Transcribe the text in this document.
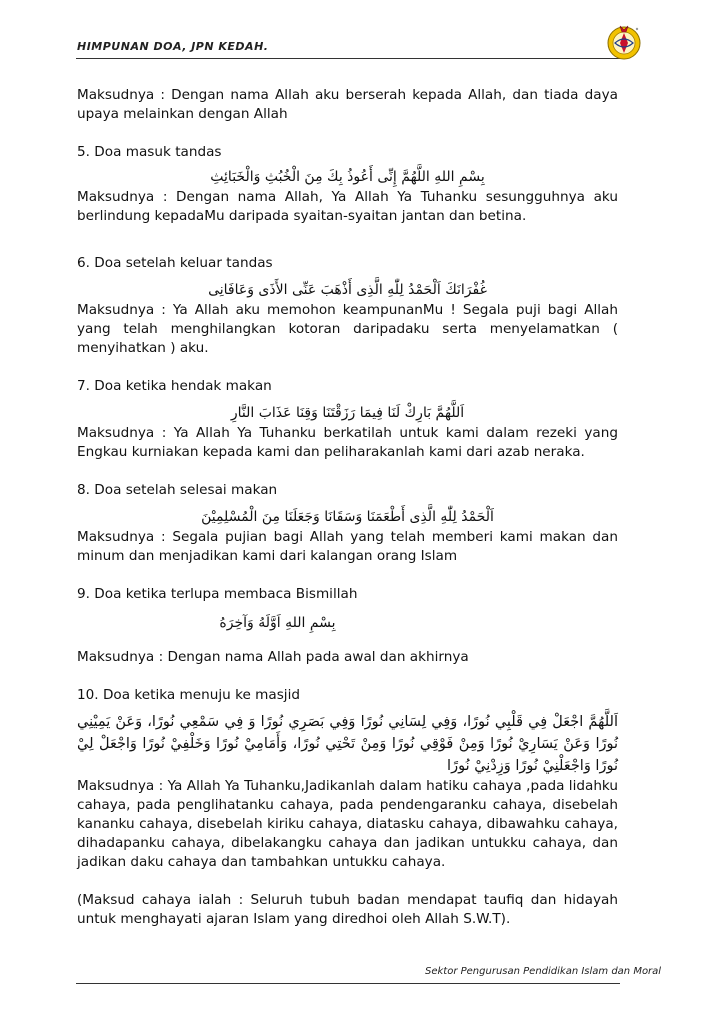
HIMPUNAN DOA, JPN KEDAH.

Maksudnya : Dengan nama Allah aku berserah kepada Allah, dan tiada daya upaya melainkan dengan Allah

5. Doa masuk tandas

بِسْمِ اللهِ اللَّهُمَّ إِنِّى أَعُوذُ بِكَ مِنَ الْخُبُثِ وَالْخَبَائِثِ

Maksudnya : Dengan nama Allah, Ya Allah Ya Tuhanku sesungguhnya aku berlindung kepadaMu daripada syaitan-syaitan jantan dan betina.

6. Doa setelah keluar tandas

غُفْرَانَكَ اَلْحَمْدُ لِلّٰهِ الَّذِى أَذْهَبَ عَنِّى الأَذَى وَعَافَانِى

Maksudnya : Ya Allah aku memohon keampunanMu ! Segala puji bagi Allah yang telah menghilangkan kotoran daripadaku serta menyelamatkan ( menyihatkan ) aku.

7. Doa ketika hendak makan

اَللَّهُمَّ بَارِكْ لَنَا فِيمَا رَزَقْتَنَا وَقِنَا عَذَابَ النَّارِ

Maksudnya : Ya Allah Ya Tuhanku berkatilah untuk kami dalam rezeki yang Engkau kurniakan kepada kami dan peliharakanlah kami dari azab neraka.

8. Doa setelah selesai makan

اَلْحَمْدُ لِلّٰهِ الَّذِى أَطْعَمَنَا وَسَقَانَا وَجَعَلَنَا مِنَ الْمُسْلِمِيْنَ

Maksudnya : Segala pujian bagi Allah yang telah memberi kami makan dan minum dan menjadikan kami dari kalangan orang Islam

9. Doa ketika terlupa membaca Bismillah

بِسْمِ اللهِ اَوَّلَهُ وَآخِرَهُ

Maksudnya : Dengan nama Allah pada awal dan akhirnya

10. Doa ketika menuju ke masjid

اَللَّهُمَّ اجْعَلْ فِي قَلْبِي نُورًا، وَفِي لِسَانِي نُورًا وَفِي بَصَرِي نُورًا وَ فِي سَمْعِي نُورًا، وَعَنْ يَمِيْنِي نُورًا وَعَنْ يَسَارِيْ نُورًا وَمِنْ فَوْقِي نُورًا وَمِنْ تَحْتِي نُورًا، وَأَمَامِيْ نُورًا وَخَلْفِيْ نُورًا وَاجْعَلْ لِيْ نُورًا وَاجْعَلْنِيْ نُورًا وَزِدْنِيْ نُورًا

Maksudnya : Ya Allah Ya Tuhanku,Jadikanlah dalam hatiku cahaya ,pada lidahku cahaya, pada penglihatanku cahaya, pada pendengaranku cahaya, disebelah kananku cahaya, disebelah kiriku cahaya, diatasku cahaya, dibawahku cahaya, dihadapanku cahaya, dibelakangku cahaya dan jadikan untukku cahaya, dan jadikan daku cahaya dan tambahkan untukku cahaya.

(Maksud cahaya ialah : Seluruh tubuh badan mendapat taufiq dan hidayah untuk menghayati ajaran Islam yang diredhoi oleh Allah S.W.T).

Sektor Pengurusan Pendidikan Islam dan Moral
